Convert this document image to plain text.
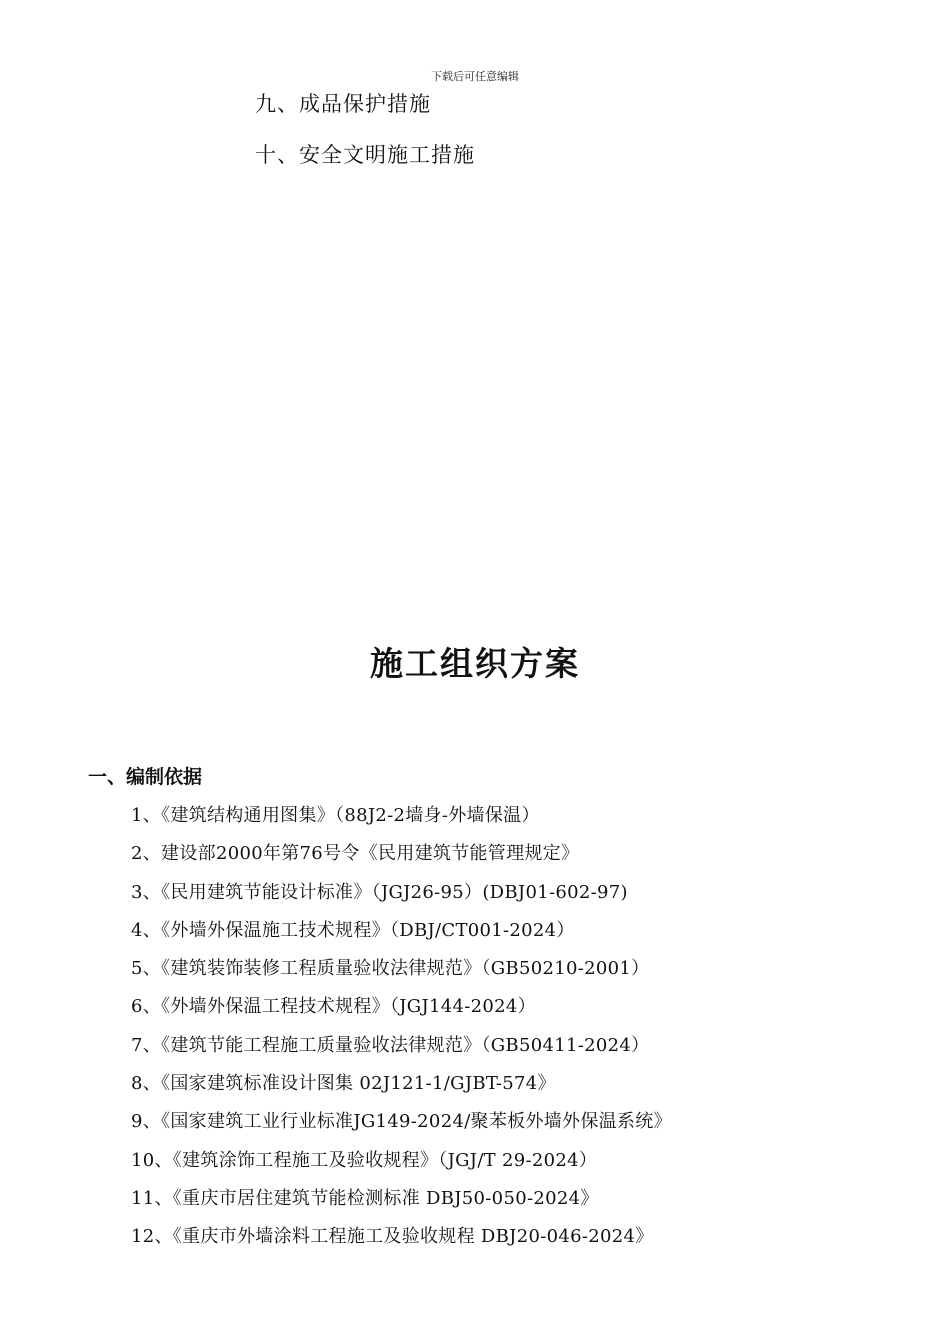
下载后可任意编辑
九、成品保护措施
十、安全文明施工措施
施工组织方案
一、编制依据
1、《建筑结构通用图集》（88J2-2墙身-外墙保温）
2、建设部2000年第76号令《民用建筑节能管理规定》
3、《民用建筑节能设计标准》（JGJ26-95）(DBJ01-602-97)
4、《外墙外保温施工技术规程》（DBJ/CT001-2024）
5、《建筑装饰装修工程质量验收法律规范》（GB50210-2001）
6、《外墙外保温工程技术规程》（JGJ144-2024）
7、《建筑节能工程施工质量验收法律规范》（GB50411-2024）
8、《国家建筑标准设计图集 02J121-1/GJBT-574》
9、《国家建筑工业行业标准JG149-2024/聚苯板外墙外保温系统》
10、《建筑涂饰工程施工及验收规程》（JGJ/T 29-2024）
11、《重庆市居住建筑节能检测标准 DBJ50-050-2024》
12、《重庆市外墙涂料工程施工及验收规程 DBJ20-046-2024》
